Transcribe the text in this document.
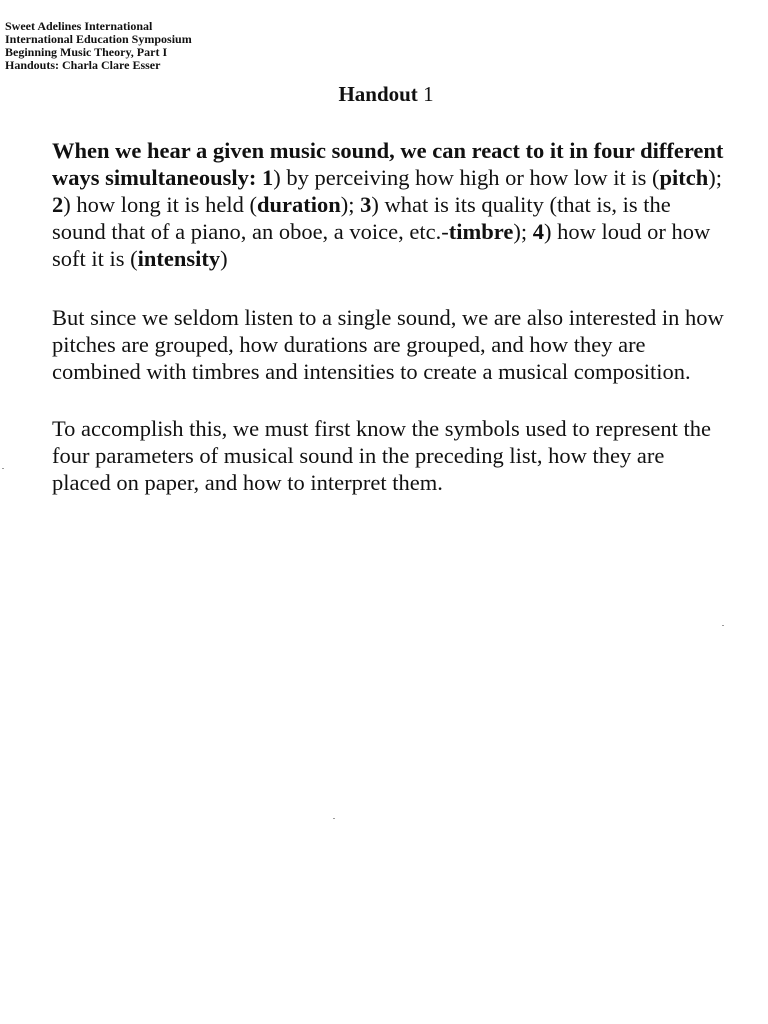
Sweet Adelines International
International Education Symposium
Beginning Music Theory, Part I
Handouts: Charla Clare Esser
Handout 1
When we hear a given music sound, we can react to it in four different
ways simultaneously: 1) by perceiving how high or how low it is (pitch);
2) how long it is held (duration); 3) what is its quality (that is, is the
sound that of a piano, an oboe, a voice, etc.-timbre); 4) how loud or how
soft it is (intensity)
But since we seldom listen to a single sound, we are also interested in how
pitches are grouped, how durations are grouped, and how they are
combined with timbres and intensities to create a musical composition.
To accomplish this, we must first know the symbols used to represent the
four parameters of musical sound in the preceding list, how they are
placed on paper, and how to interpret them.
